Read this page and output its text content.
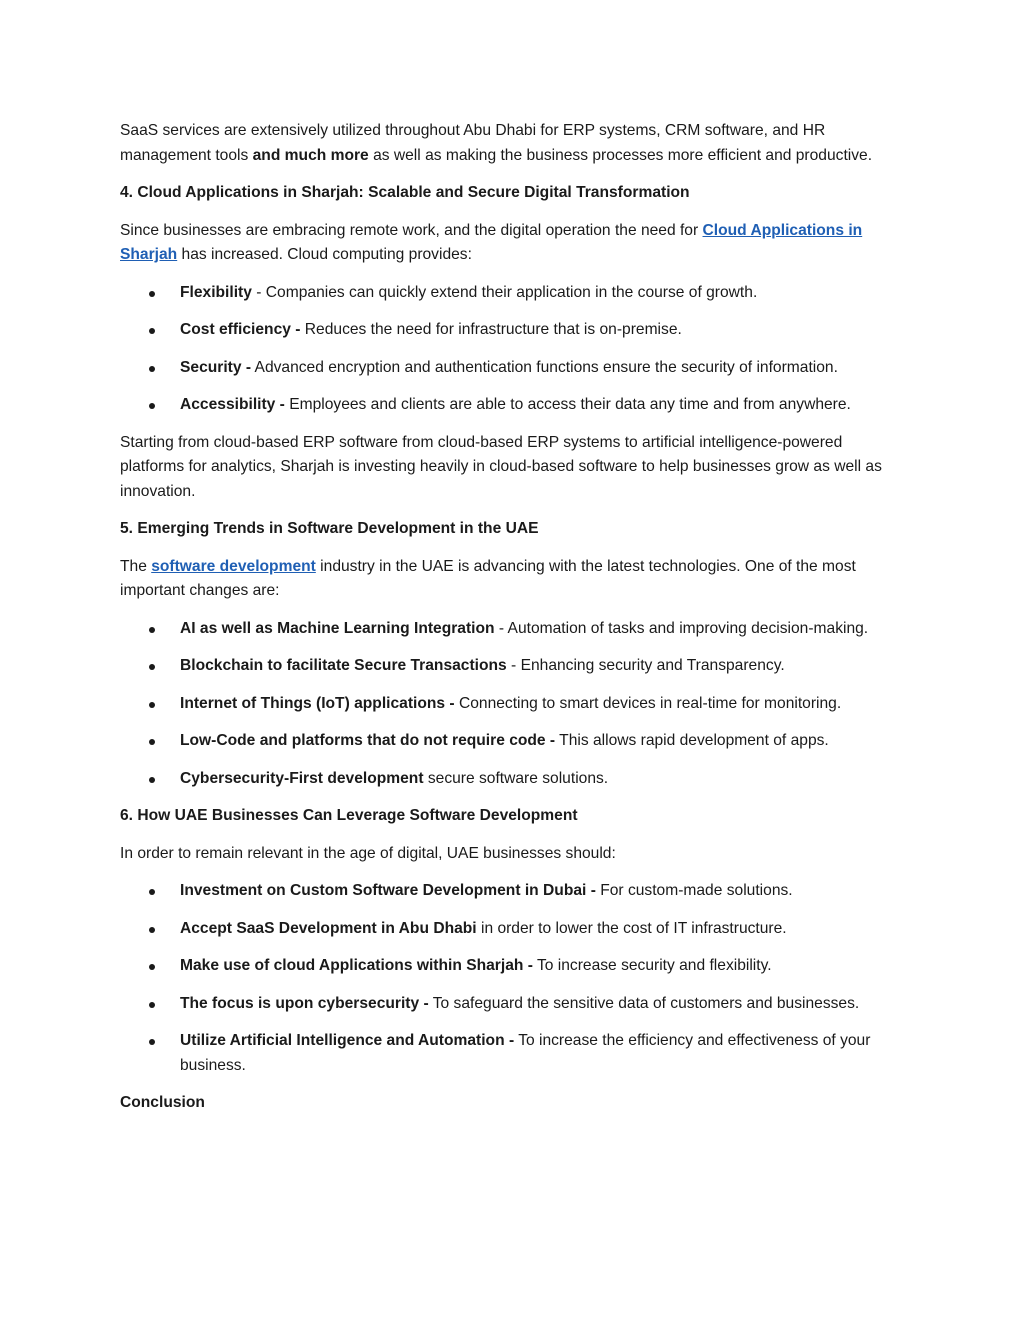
SaaS services are extensively utilized throughout Abu Dhabi for ERP systems, CRM software, and HR management tools and much more as well as making the business processes more efficient and productive.

4. Cloud Applications in Sharjah: Scalable and Secure Digital Transformation

Since businesses are embracing remote work, and the digital operation the need for Cloud Applications in Sharjah has increased. Cloud computing provides:

Flexibility - Companies can quickly extend their application in the course of growth.
Cost efficiency - Reduces the need for infrastructure that is on-premise.
Security - Advanced encryption and authentication functions ensure the security of information.
Accessibility - Employees and clients are able to access their data any time and from anywhere.

Starting from cloud-based ERP software from cloud-based ERP systems to artificial intelligence-powered platforms for analytics, Sharjah is investing heavily in cloud-based software to help businesses grow as well as innovation.

5. Emerging Trends in Software Development in the UAE

The software development industry in the UAE is advancing with the latest technologies. One of the most important changes are:

AI as well as Machine Learning Integration - Automation of tasks and improving decision-making.
Blockchain to facilitate Secure Transactions - Enhancing security and Transparency.
Internet of Things (IoT) applications - Connecting to smart devices in real-time for monitoring.
Low-Code and platforms that do not require code - This allows rapid development of apps.
Cybersecurity-First development secure software solutions.

6. How UAE Businesses Can Leverage Software Development

In order to remain relevant in the age of digital, UAE businesses should:

Investment on Custom Software Development in Dubai - For custom-made solutions.
Accept SaaS Development in Abu Dhabi in order to lower the cost of IT infrastructure.
Make use of cloud Applications within Sharjah - To increase security and flexibility.
The focus is upon cybersecurity - To safeguard the sensitive data of customers and businesses.
Utilize Artificial Intelligence and Automation - To increase the efficiency and effectiveness of your business.

Conclusion
